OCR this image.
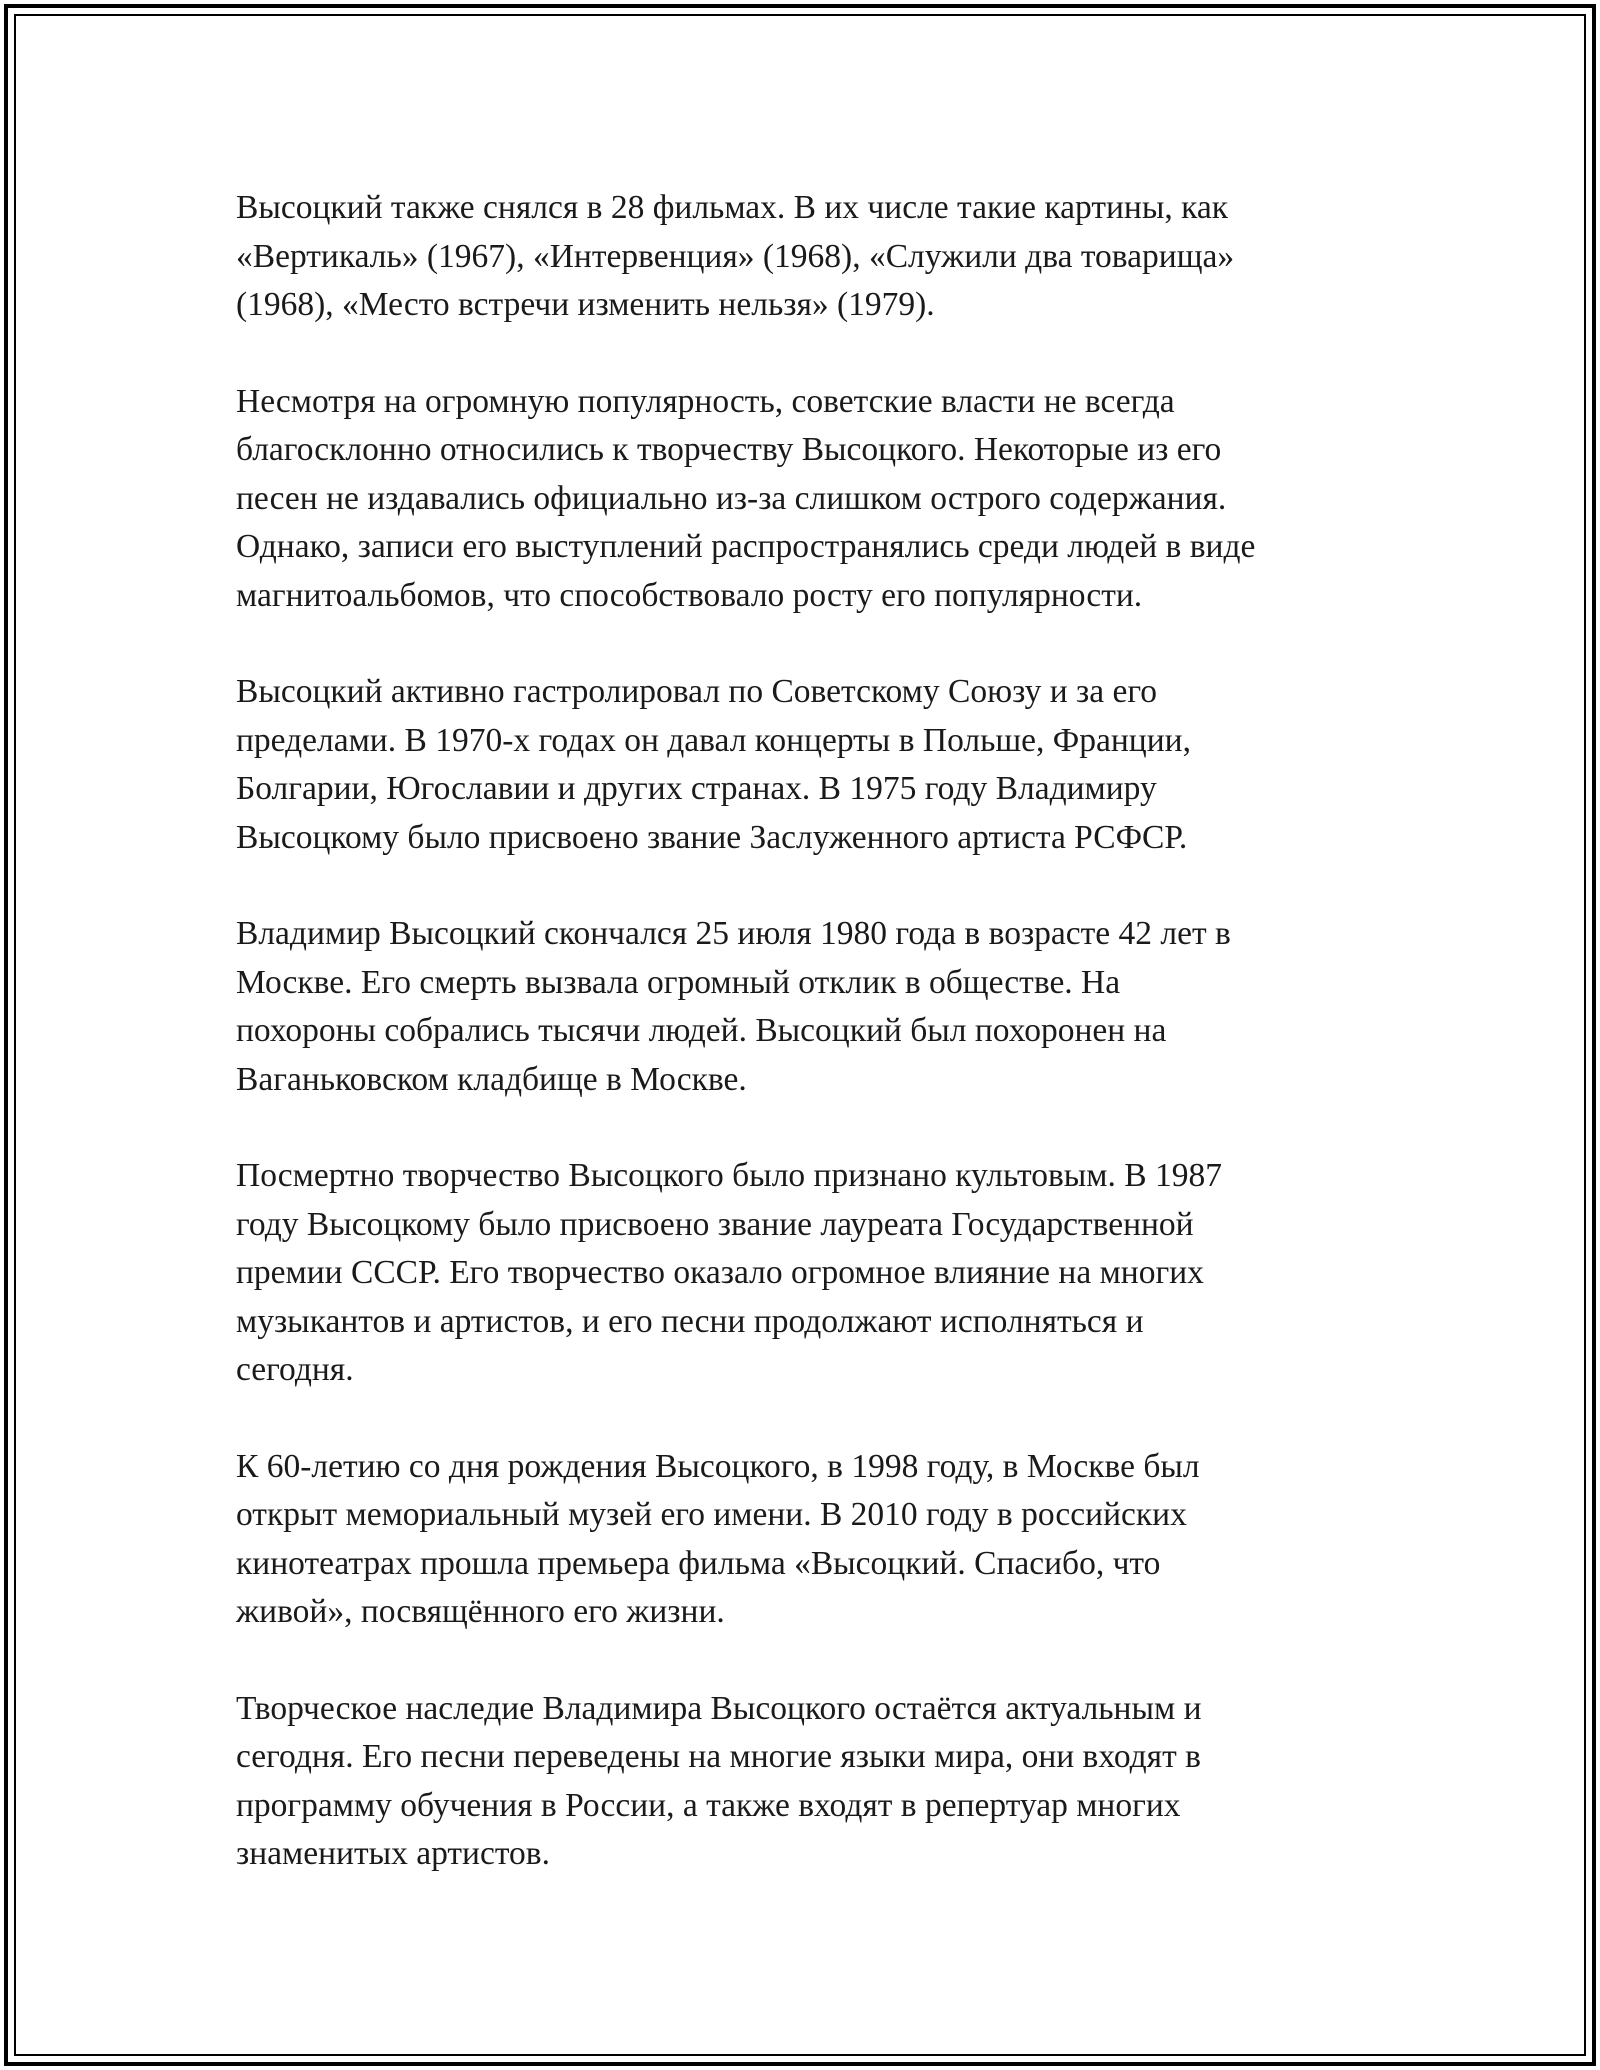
Высоцкий также снялся в 28 фильмах. В их числе такие картины, как
«Вертикаль» (1967), «Интервенция» (1968), «Служили два товарища»
(1968), «Место встречи изменить нельзя» (1979).

Несмотря на огромную популярность, советские власти не всегда
благосклонно относились к творчеству Высоцкого. Некоторые из его
песен не издавались официально из-за слишком острого содержания.
Однако, записи его выступлений распространялись среди людей в виде
магнитоальбомов, что способствовало росту его популярности.

Высоцкий активно гастролировал по Советскому Союзу и за его
пределами. В 1970-х годах он давал концерты в Польше, Франции,
Болгарии, Югославии и других странах. В 1975 году Владимиру
Высоцкому было присвоено звание Заслуженного артиста РСФСР.

Владимир Высоцкий скончался 25 июля 1980 года в возрасте 42 лет в
Москве. Его смерть вызвала огромный отклик в обществе. На
похороны собрались тысячи людей. Высоцкий был похоронен на
Ваганьковском кладбище в Москве.

Посмертно творчество Высоцкого было признано культовым. В 1987
году Высоцкому было присвоено звание лауреата Государственной
премии СССР. Его творчество оказало огромное влияние на многих
музыкантов и артистов, и его песни продолжают исполняться и
сегодня.

К 60-летию со дня рождения Высоцкого, в 1998 году, в Москве был
открыт мемориальный музей его имени. В 2010 году в российских
кинотеатрах прошла премьера фильма «Высоцкий. Спасибо, что
живой», посвящённого его жизни.

Творческое наследие Владимира Высоцкого остаётся актуальным и
сегодня. Его песни переведены на многие языки мира, они входят в
программу обучения в России, а также входят в репертуар многих
знаменитых артистов.
